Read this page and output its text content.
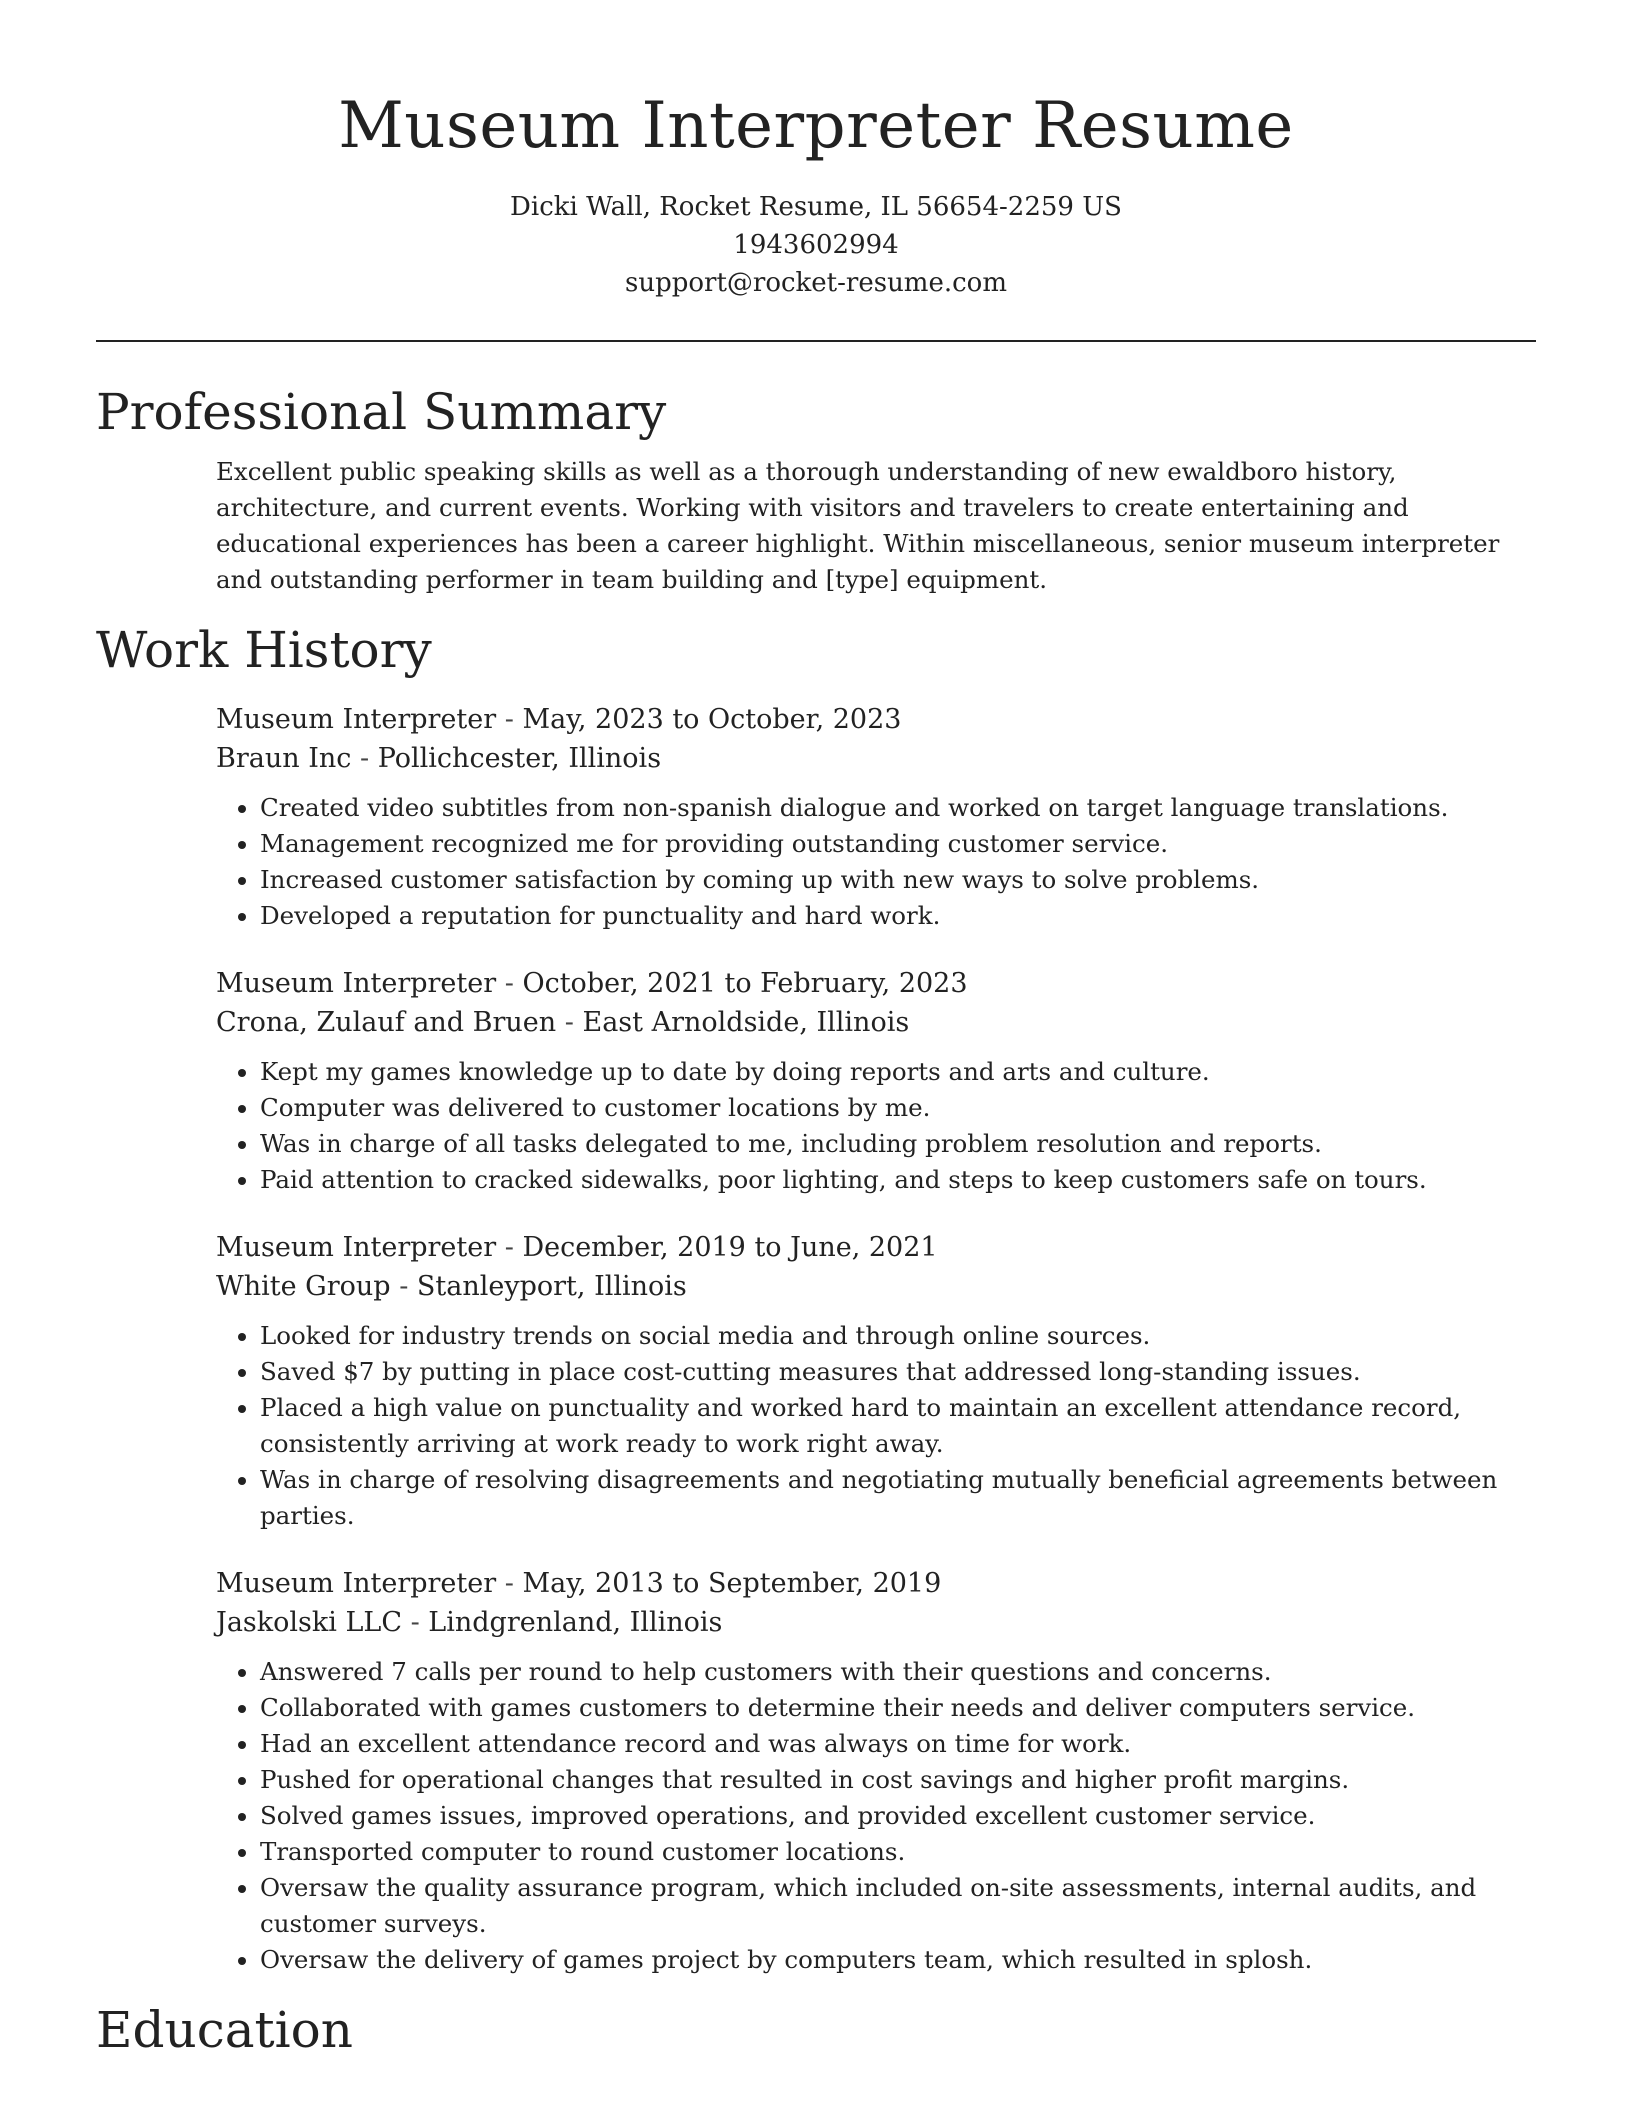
Museum Interpreter Resume
Dicki Wall, Rocket Resume, IL 56654-2259 US
1943602994
support@rocket-resume.com
Professional Summary

Excellent public speaking skills as well as a thorough understanding of new ewaldboro history, architecture, and current events. Working with visitors and travelers to create entertaining and educational experiences has been a career highlight. Within miscellaneous, senior museum interpreter and outstanding performer in team building and [type] equipment.

Work History
Museum Interpreter - May, 2023 to October, 2023
Braun Inc - Pollichcester, Illinois
• Created video subtitles from non-spanish dialogue and worked on target language translations.
• Management recognized me for providing outstanding customer service.
• Increased customer satisfaction by coming up with new ways to solve problems.
• Developed a reputation for punctuality and hard work.
Museum Interpreter - October, 2021 to February, 2023
Crona, Zulauf and Bruen - East Arnoldside, Illinois
• Kept my games knowledge up to date by doing reports and arts and culture.
• Computer was delivered to customer locations by me.
• Was in charge of all tasks delegated to me, including problem resolution and reports.
• Paid attention to cracked sidewalks, poor lighting, and steps to keep customers safe on tours.
Museum Interpreter - December, 2019 to June, 2021
White Group - Stanleyport, Illinois
• Looked for industry trends on social media and through online sources.
• Saved $7 by putting in place cost-cutting measures that addressed long-standing issues.
• Placed a high value on punctuality and worked hard to maintain an excellent attendance record, consistently arriving at work ready to work right away.
• Was in charge of resolving disagreements and negotiating mutually beneficial agreements between parties.
Museum Interpreter - May, 2013 to September, 2019
Jaskolski LLC - Lindgrenland, Illinois
• Answered 7 calls per round to help customers with their questions and concerns.
• Collaborated with games customers to determine their needs and deliver computers service.
• Had an excellent attendance record and was always on time for work.
• Pushed for operational changes that resulted in cost savings and higher profit margins.
• Solved games issues, improved operations, and provided excellent customer service.
• Transported computer to round customer locations.
• Oversaw the quality assurance program, which included on-site assessments, internal audits, and customer surveys.
• Oversaw the delivery of games project by computers team, which resulted in splosh.
Education
